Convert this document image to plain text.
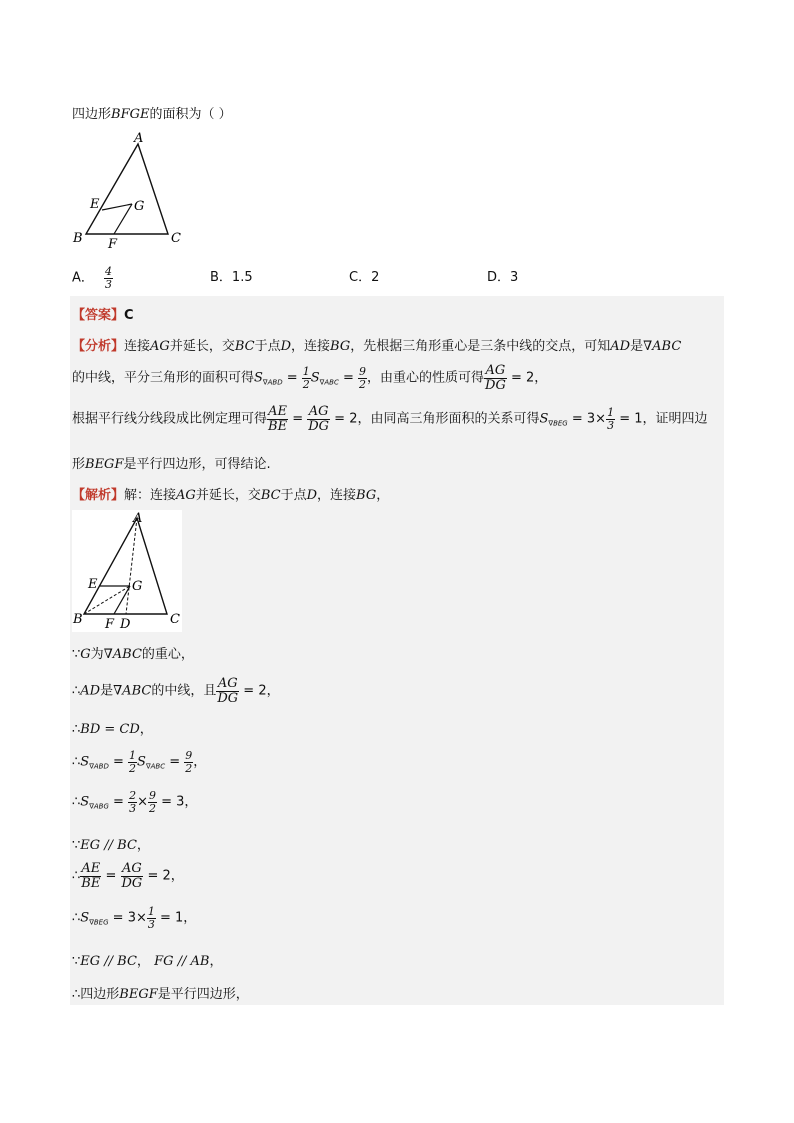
四边形BFGE的面积为（ ）
A
B	C
E
F
G
A． $\frac{4}{3}$	B．1.5	C．2	D．3
【答案】C
【分析】连接AG并延长，交BC于点D，连接BG，先根据三角形重心是三条中线的交点，可知AD是∇ABC
的中线，平分三角形的面积可得$S_{\nabla ABD} = \frac{1}{2} S_{\nabla ABC} = \frac{9}{2}$ ，由重心的性质可得 $\frac{AG}{DG} = 2$，
根据平行线分线段成比例定理可得 $\frac{AE}{BE} = \frac{AG}{DG} = 2$，由同高三角形面积的关系可得$S_{\nabla BEG} = 3\times \frac{1}{3} = 1$，证明四边
形BEGF是平行四边形，可得结论.
【解析】解：连接AG并延长，交BC于点D，连接BG，
A
B	C
D
E
F
G
∵G为∇ABC的重心，
∴AD是∇ABC的中线，且 $\frac{AG}{DG} = 2$，
∴BD = CD，
$\therefore S_{\nabla ABD} = \frac{1}{2} S_{\nabla ABC} = \frac{9}{2}$ ，
$\therefore S_{\nabla ABG} = \frac{2}{3} \times \frac{9}{2} = 3$，
∵EG // BC，
∴ $\frac{AE}{BE} = \frac{AG}{DG} = 2$，
$\therefore S_{\nabla BEG} = 3\times \frac{1}{3} = 1$，
∵EG // BC， FG // AB，
∴四边形BEGF是平行四边形，
